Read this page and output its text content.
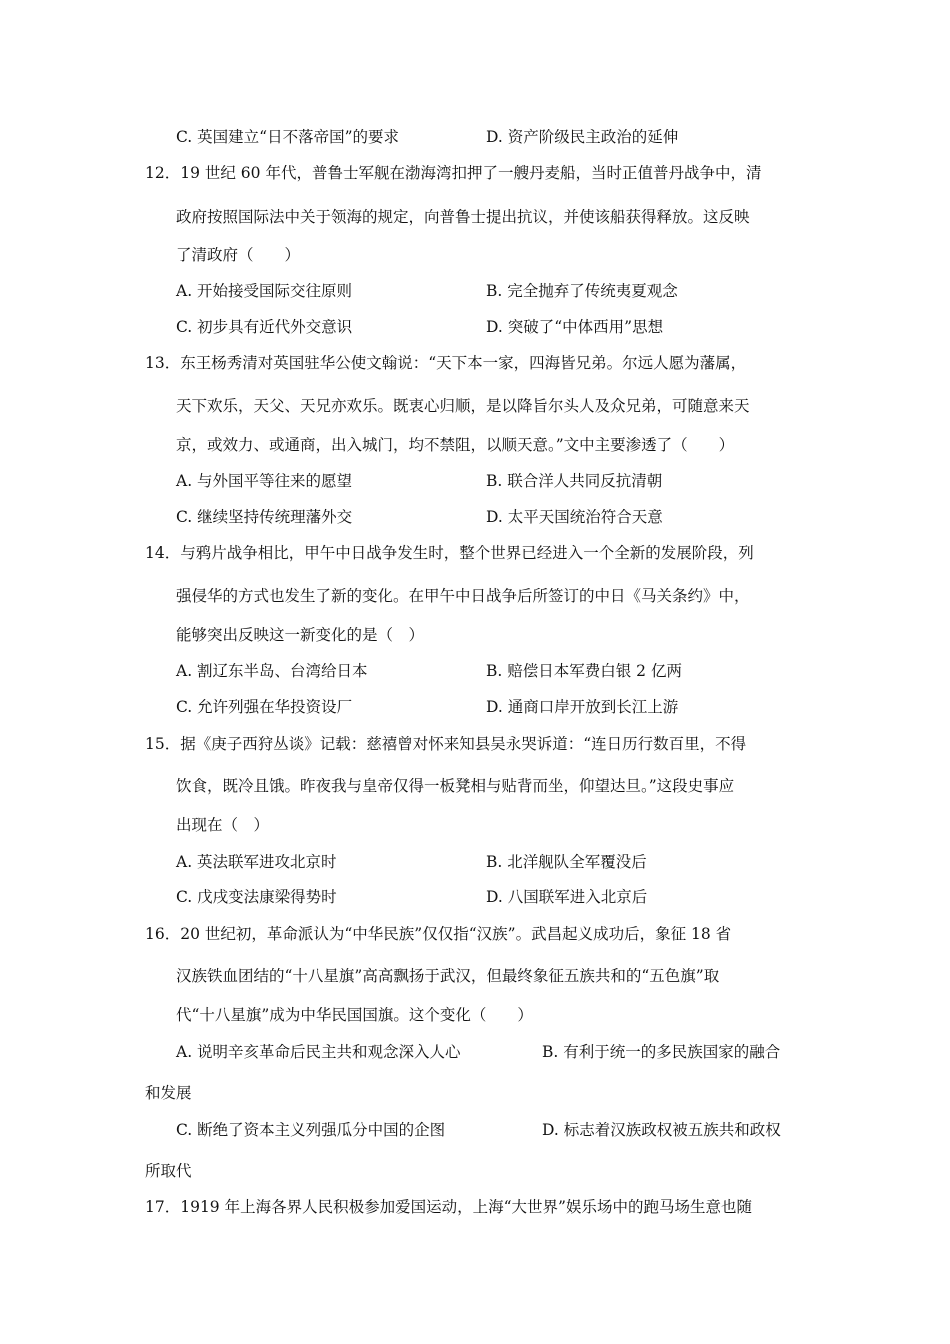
C. 英国建立“日不落帝国”的要求	D. 资产阶级民主政治的延伸
12．19 世纪 60 年代，普鲁士军舰在渤海湾扣押了一艘丹麦船，当时正值普丹战争中，清
政府按照国际法中关于领海的规定，向普鲁士提出抗议，并使该船获得释放。这反映
了清政府（　　）
A. 开始接受国际交往原则	B. 完全抛弃了传统夷夏观念
C. 初步具有近代外交意识	D. 突破了“中体西用”思想
13．东王杨秀清对英国驻华公使文翰说：“天下本一家，四海皆兄弟。尔远人愿为藩属，
天下欢乐，天父、天兄亦欢乐。既衷心归顺，是以降旨尔头人及众兄弟，可随意来天
京，或效力、或通商，出入城门，均不禁阻，以顺天意。”文中主要渗透了（　　）
A. 与外国平等往来的愿望	B. 联合洋人共同反抗清朝
C. 继续坚持传统理藩外交	D. 太平天国统治符合天意
14．与鸦片战争相比，甲午中日战争发生时，整个世界已经进入一个全新的发展阶段，列
强侵华的方式也发生了新的变化。在甲午中日战争后所签订的中日《马关条约》中，
能够突出反映这一新变化的是（　）
A. 割辽东半岛、台湾给日本	B. 赔偿日本军费白银 2 亿两
C. 允许列强在华投资设厂	D. 通商口岸开放到长江上游
15．据《庚子西狩丛谈》记载：慈禧曾对怀来知县吴永哭诉道：“连日历行数百里，不得
饮食，既冷且饿。昨夜我与皇帝仅得一板凳相与贴背而坐，仰望达旦。”这段史事应
出现在（　）
A. 英法联军进攻北京时	B. 北洋舰队全军覆没后
C. 戊戌变法康梁得势时	D. 八国联军进入北京后
16．20 世纪初，革命派认为“中华民族”仅仅指“汉族”。武昌起义成功后，象征 18 省
汉族铁血团结的“十八星旗”高高飘扬于武汉，但最终象征五族共和的“五色旗”取
代“十八星旗”成为中华民国国旗。这个变化（　　）
A. 说明辛亥革命后民主共和观念深入人心	B. 有利于统一的多民族国家的融合
和发展
C. 断绝了资本主义列强瓜分中国的企图	D. 标志着汉族政权被五族共和政权
所取代
17．1919 年上海各界人民积极参加爱国运动，上海“大世界”娱乐场中的跑马场生意也随
